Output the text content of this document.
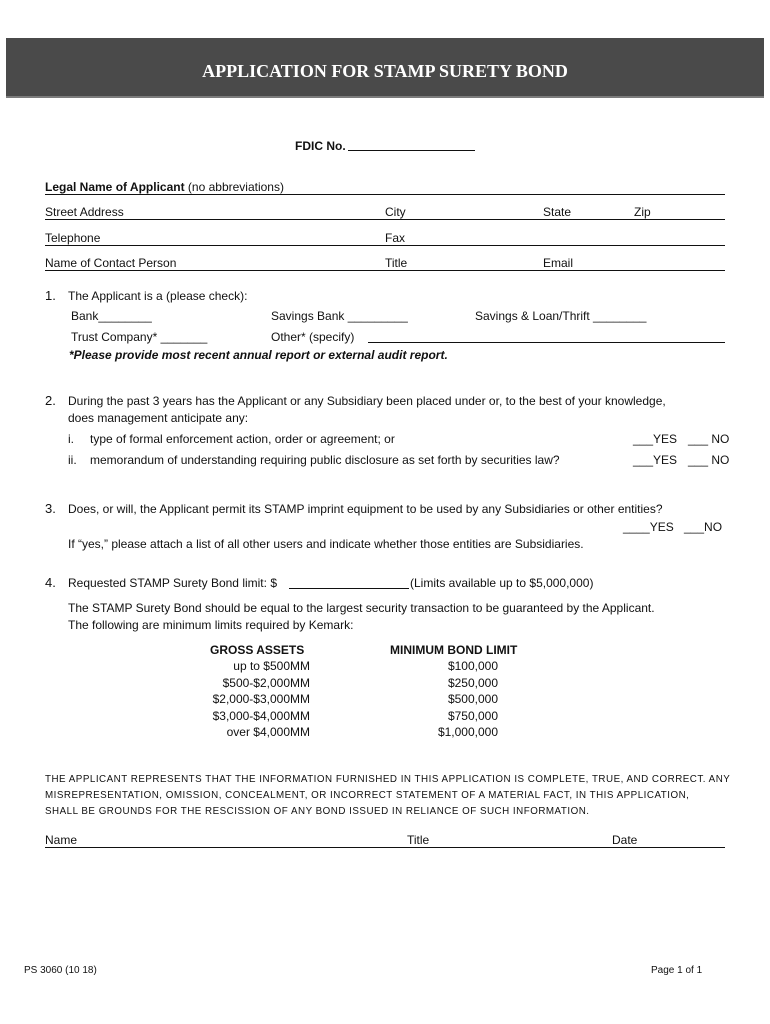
APPLICATION FOR STAMP SURETY BOND
FDIC No.
Legal Name of Applicant (no abbreviations)
Street Address	City	State	Zip
Telephone	Fax
Name of Contact Person	Title	Email
1. The Applicant is a (please check):
Bank________	Savings Bank _________	Savings & Loan/Thrift ________
Trust Company* _______	Other* (specify)
*Please provide most recent annual report or external audit report.
2. During the past 3 years has the Applicant or any Subsidiary been placed under or, to the best of your knowledge,
does management anticipate any:
i. type of formal enforcement action, order or agreement; or	___YES ___ NO
ii. memorandum of understanding requiring public disclosure as set forth by securities law?	___YES ___ NO
3. Does, or will, the Applicant permit its STAMP imprint equipment to be used by any Subsidiaries or other entities?
____YES ___NO
If “yes,” please attach a list of all other users and indicate whether those entities are Subsidiaries.
4. Requested STAMP Surety Bond limit: $	(Limits available up to $5,000,000)
The STAMP Surety Bond should be equal to the largest security transaction to be guaranteed by the Applicant.
The following are minimum limits required by Kemark:
GROSS ASSETS	MINIMUM BOND LIMIT
up to $500MM	$100,000
$500-$2,000MM	$250,000
$2,000-$3,000MM	$500,000
$3,000-$4,000MM	$750,000
over $4,000MM	$1,000,000
THE APPLICANT REPRESENTS THAT THE INFORMATION FURNISHED IN THIS APPLICATION IS COMPLETE, TRUE, AND CORRECT. ANY
MISREPRESENTATION, OMISSION, CONCEALMENT, OR INCORRECT STATEMENT OF A MATERIAL FACT, IN THIS APPLICATION,
SHALL BE GROUNDS FOR THE RESCISSION OF ANY BOND ISSUED IN RELIANCE OF SUCH INFORMATION.
Name	Title	Date
PS 3060 (10 18)	Page 1 of 1
